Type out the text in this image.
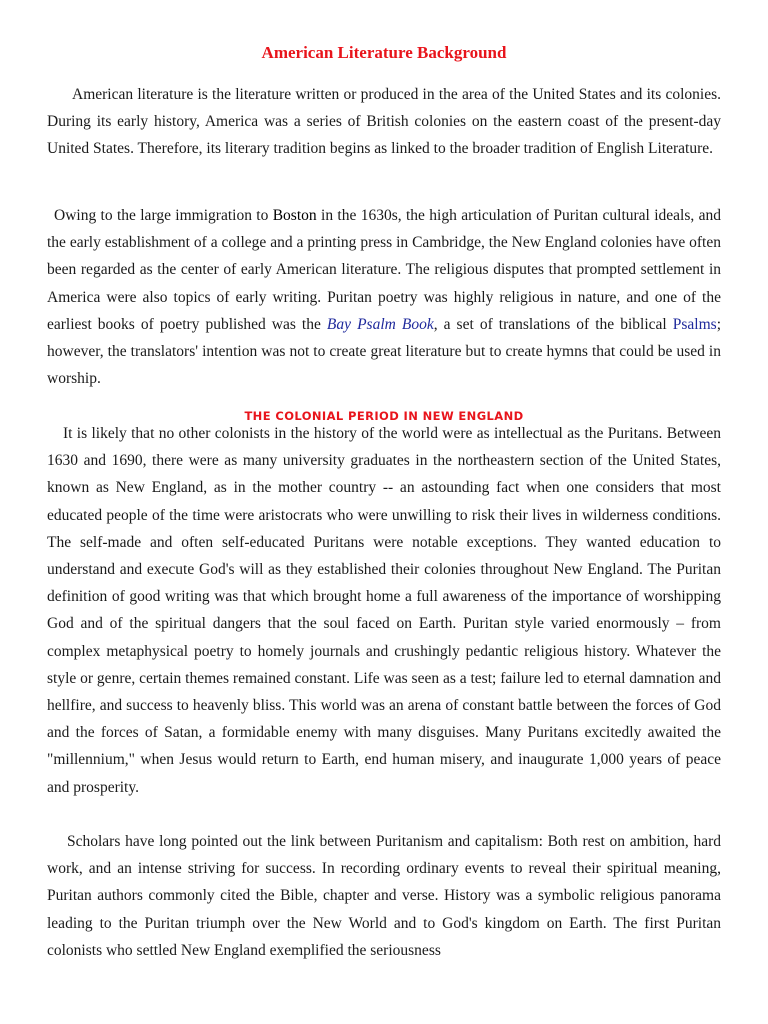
American Literature Background

American literature is the literature written or produced in the area of the United States and its colonies. During its early history, America was a series of British colonies on the eastern coast of the present-day United States. Therefore, its literary tradition begins as linked to the broader tradition of English Literature.

Owing to the large immigration to Boston in the 1630s, the high articulation of Puritan cultural ideals, and the early establishment of a college and a printing press in Cambridge, the New England colonies have often been regarded as the center of early American literature. The religious disputes that prompted settlement in America were also topics of early writing. Puritan poetry was highly religious in nature, and one of the earliest books of poetry published was the Bay Psalm Book, a set of translations of the biblical Psalms; however, the translators' intention was not to create great literature but to create hymns that could be used in worship.

THE COLONIAL PERIOD IN NEW ENGLAND

It is likely that no other colonists in the history of the world were as intellectual as the Puritans. Between 1630 and 1690, there were as many university graduates in the northeastern section of the United States, known as New England, as in the mother country -- an astounding fact when one considers that most educated people of the time were aristocrats who were unwilling to risk their lives in wilderness conditions. The self-made and often self-educated Puritans were notable exceptions. They wanted education to understand and execute God's will as they established their colonies throughout New England. The Puritan definition of good writing was that which brought home a full awareness of the importance of worshipping God and of the spiritual dangers that the soul faced on Earth. Puritan style varied enormously – from complex metaphysical poetry to homely journals and crushingly pedantic religious history. Whatever the style or genre, certain themes remained constant. Life was seen as a test; failure led to eternal damnation and hellfire, and success to heavenly bliss. This world was an arena of constant battle between the forces of God and the forces of Satan, a formidable enemy with many disguises. Many Puritans excitedly awaited the "millennium," when Jesus would return to Earth, end human misery, and inaugurate 1,000 years of peace and prosperity.

Scholars have long pointed out the link between Puritanism and capitalism: Both rest on ambition, hard work, and an intense striving for success. In recording ordinary events to reveal their spiritual meaning, Puritan authors commonly cited the Bible, chapter and verse. History was a symbolic religious panorama leading to the Puritan triumph over the New World and to God's kingdom on Earth. The first Puritan colonists who settled New England exemplified the seriousness
